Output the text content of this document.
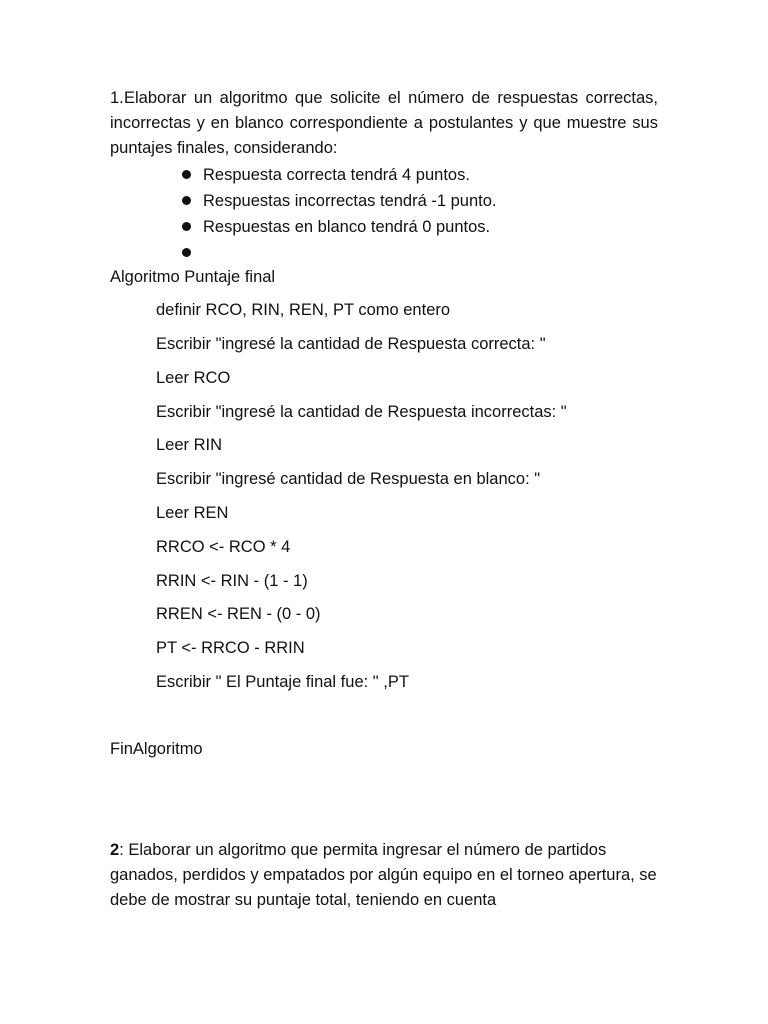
1.Elaborar un algoritmo que solicite el número de respuestas correctas, incorrectas y en blanco correspondiente a postulantes y que muestre sus puntajes finales, considerando:

Respuesta correcta tendrá 4 puntos.
Respuestas incorrectas tendrá -1 punto.
Respuestas en blanco tendrá 0 puntos.
Algoritmo Puntaje final
definir RCO, RIN, REN, PT como entero
Escribir "ingresé la cantidad de Respuesta correcta: "
Leer RCO
Escribir "ingresé la cantidad de Respuesta incorrectas: "
Leer RIN
Escribir "ingresé cantidad de Respuesta en blanco: "
Leer REN
RRCO <- RCO * 4
RRIN <- RIN - (1 - 1)
RREN <- REN - (0 - 0)
PT <- RRCO - RRIN
Escribir " El Puntaje final fue: " ,PT
FinAlgoritmo

2: Elaborar un algoritmo que permita ingresar el número de partidos ganados, perdidos y empatados por algún equipo en el torneo apertura, se debe de mostrar su puntaje total, teniendo en cuenta
